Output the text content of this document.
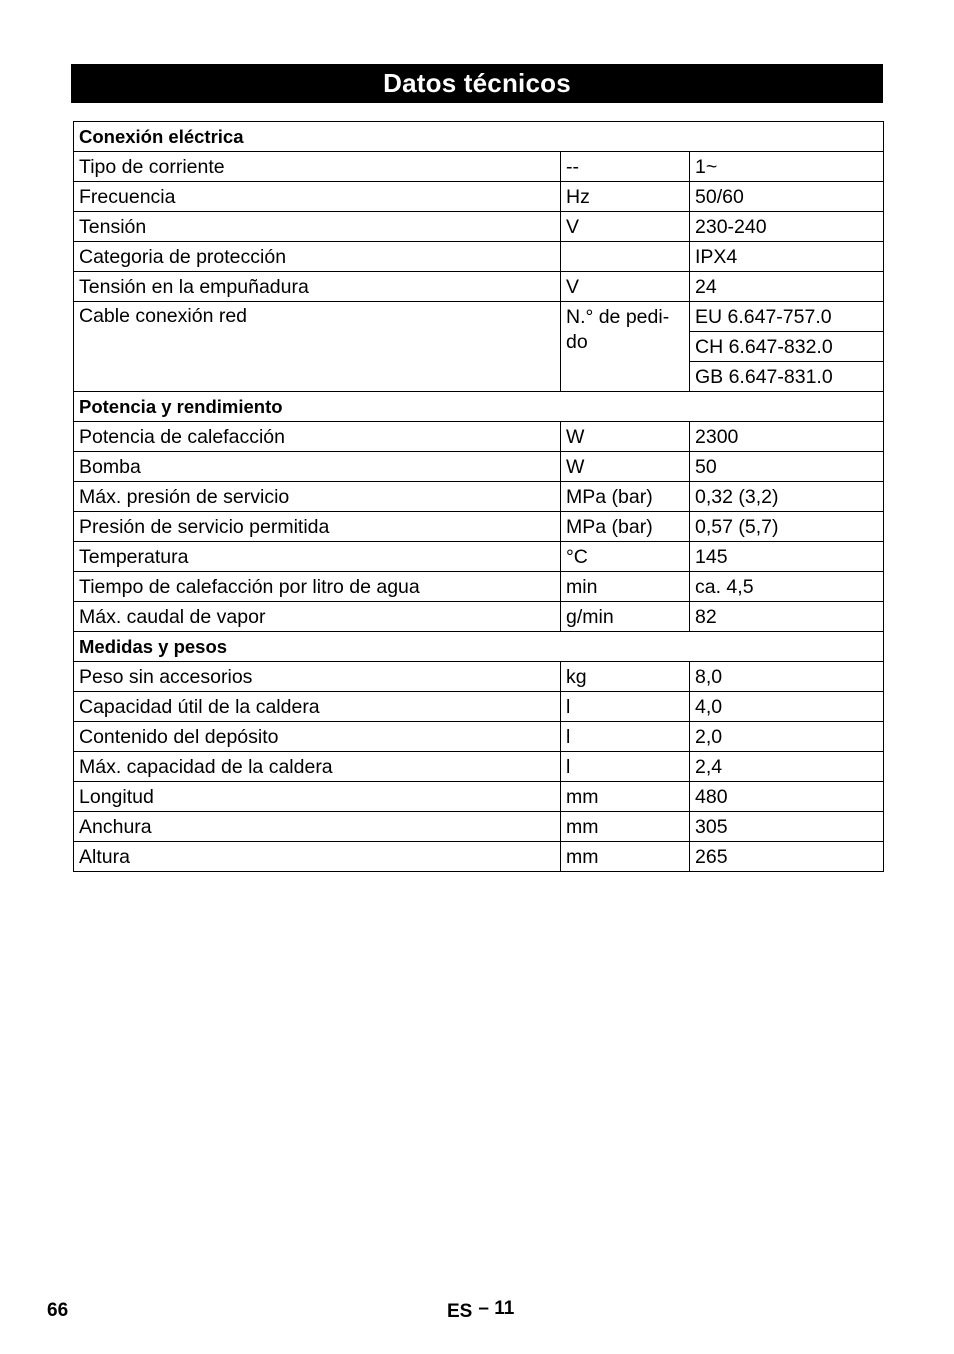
Datos técnicos
Conexión eléctrica		
Tipo de corriente	--	1~
Frecuencia	Hz	50/60
Tensión	V	230-240
Categoria de protección		IPX4
Tensión en la empuñadura	V	24
Cable conexión red	N.° de pedi-do	EU 6.647-757.0
		CH 6.647-832.0
		GB 6.647-831.0
Potencia y rendimiento		
Potencia de calefacción	W	2300
Bomba	W	50
Máx. presión de servicio	MPa (bar)	0,32 (3,2)
Presión de servicio permitida	MPa (bar)	0,57 (5,7)
Temperatura	°C	145
Tiempo de calefacción por litro de agua	min	ca. 4,5
Máx. caudal de vapor	g/min	82
Medidas y pesos		
Peso sin accesorios	kg	8,0
Capacidad útil de la caldera	l	4,0
Contenido del depósito	l	2,0
Máx. capacidad de la caldera	l	2,4
Longitud	mm	480
Anchura	mm	305
Altura	mm	265
66	ES – 11
